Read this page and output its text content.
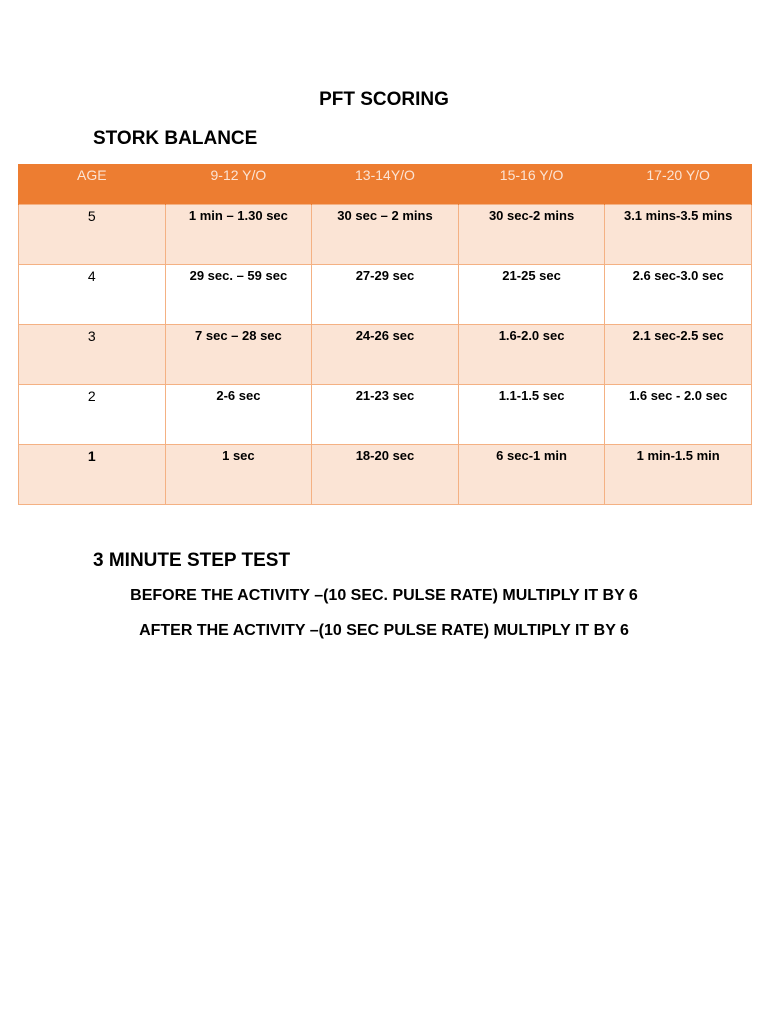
PFT SCORING
STORK BALANCE
AGE	9-12 Y/O	13-14Y/O	15-16 Y/O	17-20 Y/O
5	1 min – 1.30 sec	30 sec – 2 mins	30 sec-2 mins	3.1 mins-3.5 mins
4	29 sec. – 59 sec	27-29 sec	21-25 sec	2.6 sec-3.0 sec
3	7 sec – 28 sec	24-26 sec	1.6-2.0 sec	2.1 sec-2.5 sec
2	2-6 sec	21-23 sec	1.1-1.5 sec	1.6 sec - 2.0 sec
1	1 sec	18-20 sec	6 sec-1 min	1 min-1.5 min
3 MINUTE STEP TEST
BEFORE THE ACTIVITY –(10 SEC. PULSE RATE) MULTIPLY IT BY 6
AFTER THE ACTIVITY –(10 SEC PULSE RATE) MULTIPLY IT BY 6
